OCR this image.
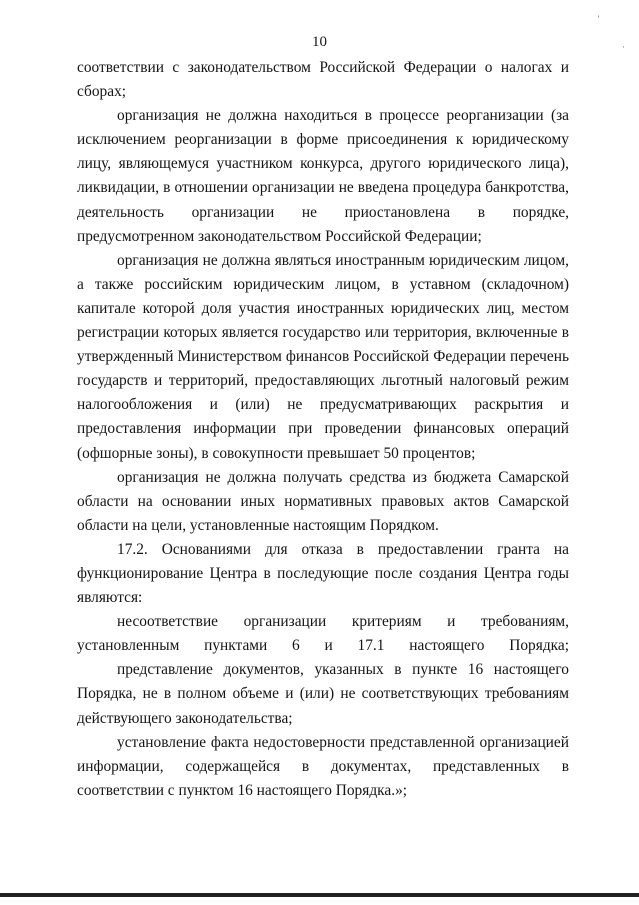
10
’
·

соответствии с законодательством Российской Федерации о налогах и сборах;

организация не должна находиться в процессе реорганизации (за исключением реорганизации в форме присоединения к юридическому лицу, являющемуся участником конкурса, другого юридического лица), ликвидации, в отношении организации не введена процедура банкротства, деятельность организации не приостановлена в порядке, предусмотренном законодательством Российской Федерации;

организация не должна являться иностранным юридическим лицом, а также российским юридическим лицом, в уставном (складочном) капитале которой доля участия иностранных юридических лиц, местом регистрации которых является государство или территория, включенные в утвержденный Министерством финансов Российской Федерации перечень государств и территорий, предоставляющих льготный налоговый режим налогообложения и (или) не предусматривающих раскрытия и предоставления информации при проведении финансовых операций (офшорные зоны), в совокупности превышает 50 процентов;

организация не должна получать средства из бюджета Самарской области на основании иных нормативных правовых актов Самарской области на цели, установленные настоящим Порядком.

17.2. Основаниями для отказа в предоставлении гранта на функционирование Центра в последующие после создания Центра годы являются:

несоответствие организации критериям и требованиям, установленным пунктами 6 и 17.1 настоящего Порядка;

представление документов, указанных в пункте 16 настоящего Порядка, не в полном объеме и (или) не соответствующих требованиям действующего законодательства;

установление факта недостоверности представленной организацией информации, содержащейся в документах, представленных в соответствии с пунктом 16 настоящего Порядка.»;
